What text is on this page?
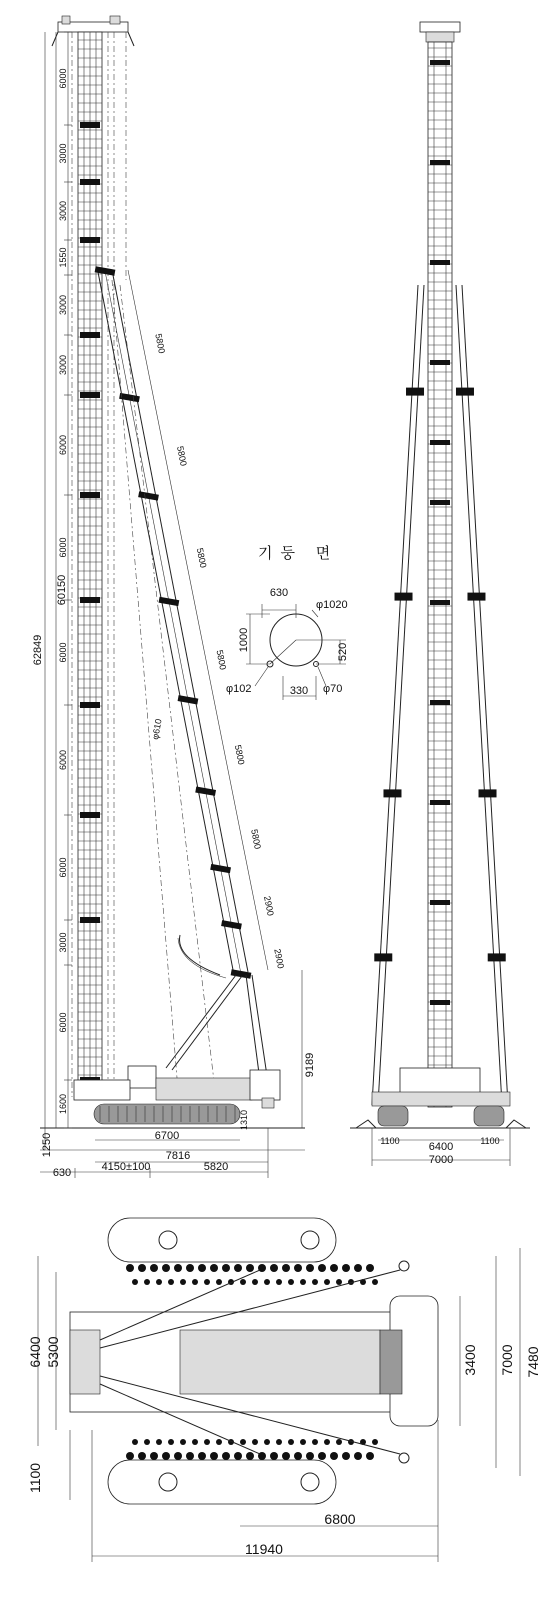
62849
60150
6000
3000
3000
1550
3000
3000
6000
6000
6000
6000
6000
3000
6000
1600
5800
5800
5800
5800
5800
5800
2900
2900
φ610
9189
1310
1250	6700
7816
630	4150±100	5820
기둥 면
630
φ1020
1000	520
φ102	330 φ70
1100	1100
6400
7000
6400 5300
1100
3400 7000 7480
6800
11940
